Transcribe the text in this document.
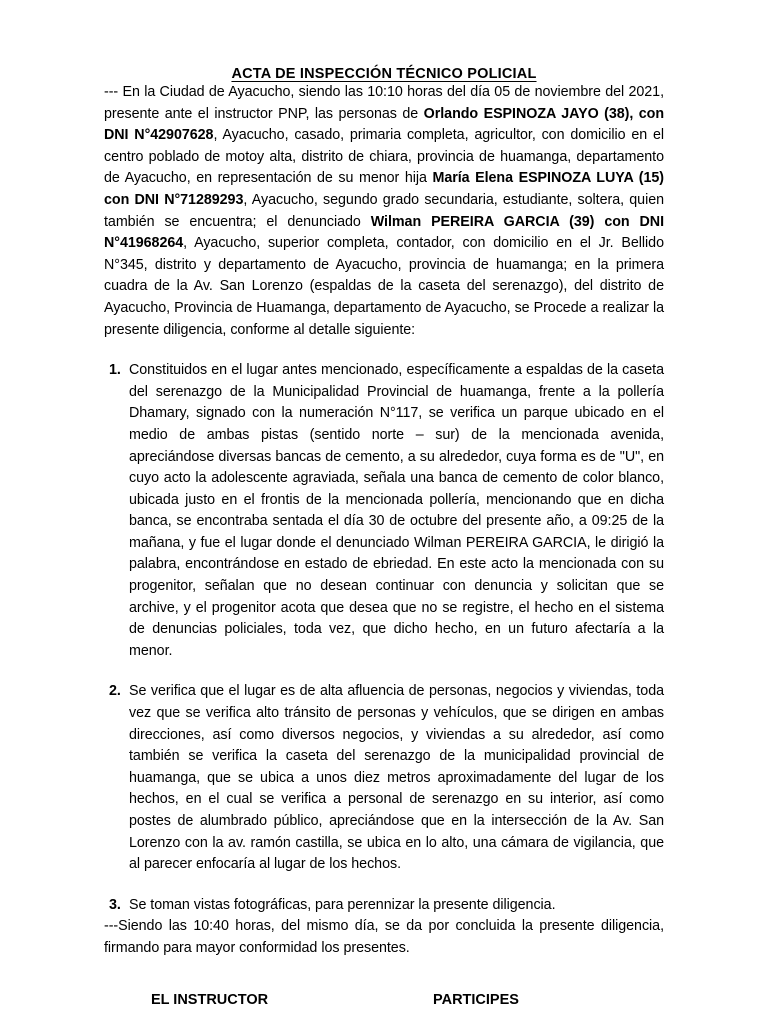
ACTA DE INSPECCIÓN TÉCNICO POLICIAL

--- En la Ciudad de Ayacucho, siendo las 10:10 horas del día 05 de noviembre del 2021, presente ante el instructor PNP, las personas de Orlando ESPINOZA JAYO (38), con DNI N°42907628, Ayacucho, casado, primaria completa, agricultor, con domicilio en el centro poblado de motoy alta, distrito de chiara, provincia de huamanga, departamento de Ayacucho, en representación de su menor hija María Elena ESPINOZA LUYA (15) con DNI N°71289293, Ayacucho, segundo grado secundaria, estudiante, soltera, quien también se encuentra; el denunciado Wilman PEREIRA GARCIA (39) con DNI N°41968264, Ayacucho, superior completa, contador, con domicilio en el Jr. Bellido N°345, distrito y departamento de Ayacucho, provincia de huamanga; en la primera cuadra de la Av. San Lorenzo (espaldas de la caseta del serenazgo), del distrito de Ayacucho, Provincia de Huamanga, departamento de Ayacucho, se Procede a realizar la presente diligencia, conforme al detalle siguiente:

1. Constituidos en el lugar antes mencionado, específicamente a espaldas de la caseta del serenazgo de la Municipalidad Provincial de huamanga, frente a la pollería Dhamary, signado con la numeración N°117, se verifica un parque ubicado en el medio de ambas pistas (sentido norte – sur) de la mencionada avenida, apreciándose diversas bancas de cemento, a su alrededor, cuya forma es de "U", en cuyo acto la adolescente agraviada, señala una banca de cemento de color blanco, ubicada justo en el frontis de la mencionada pollería, mencionando que en dicha banca, se encontraba sentada el día 30 de octubre del presente año, a 09:25 de la mañana, y fue el lugar donde el denunciado Wilman PEREIRA GARCIA, le dirigió la palabra, encontrándose en estado de ebriedad. En este acto la mencionada con su progenitor, señalan que no desean continuar con denuncia y solicitan que se archive, y el progenitor acota que desea que no se registre, el hecho en el sistema de denuncias policiales, toda vez, que dicho hecho, en un futuro afectaría a la menor.
2. Se verifica que el lugar es de alta afluencia de personas, negocios y viviendas, toda vez que se verifica alto tránsito de personas y vehículos, que se dirigen en ambas direcciones, así como diversos negocios, y viviendas a su alrededor, así como también se verifica la caseta del serenazgo de la municipalidad provincial de huamanga, que se ubica a unos diez metros aproximadamente del lugar de los hechos, en el cual se verifica a personal de serenazgo en su interior, así como postes de alumbrado público, apreciándose que en la intersección de la Av. San Lorenzo con la av. ramón castilla, se ubica en lo alto, una cámara de vigilancia, que al parecer enfocaría al lugar de los hechos.
3. Se toman vistas fotográficas, para perennizar la presente diligencia.

---Siendo las 10:40 horas, del mismo día, se da por concluida la presente diligencia, firmando para mayor conformidad los presentes.

EL INSTRUCTOR	PARTICIPES
